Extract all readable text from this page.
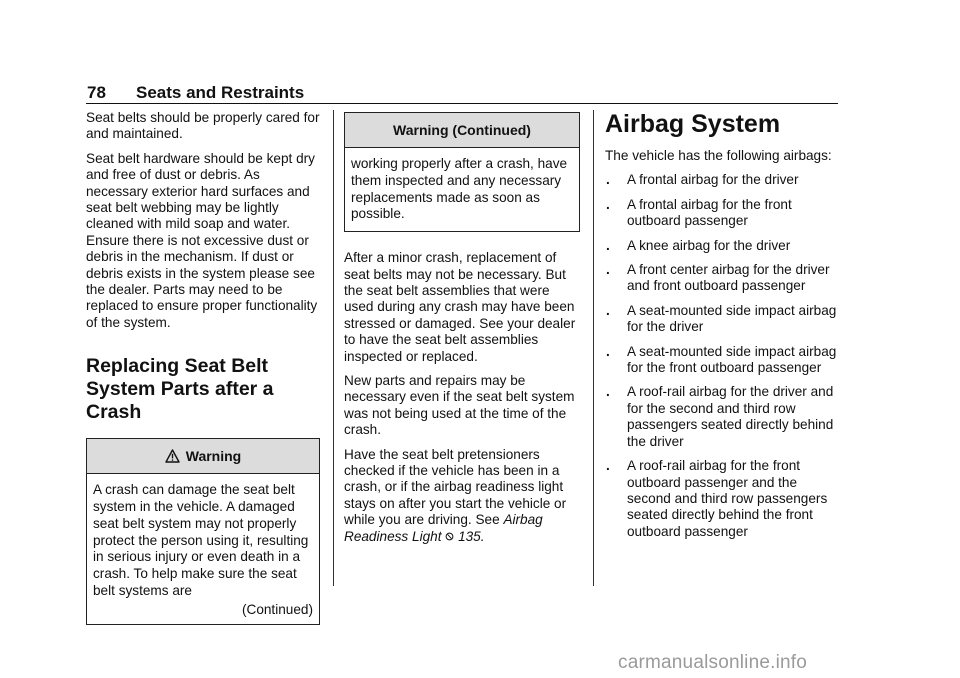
78 Seats and Restraints

Seat belts should be properly cared for and maintained.

Seat belt hardware should be kept dry and free of dust or debris. As necessary exterior hard surfaces and seat belt webbing may be lightly cleaned with mild soap and water. Ensure there is not excessive dust or debris in the mechanism. If dust or debris exists in the system please see the dealer. Parts may need to be replaced to ensure proper functionality of the system.

Replacing Seat Belt
System Parts after a
Crash
Warning

A crash can damage the seat belt system in the vehicle. A damaged seat belt system may not properly protect the person using it, resulting in serious injury or even death in a crash. To help make sure the seat belt systems are

(Continued)
Warning (Continued)

working properly after a crash, have them inspected and any necessary replacements made as soon as possible.

After a minor crash, replacement of seat belts may not be necessary. But the seat belt assemblies that were used during any crash may have been stressed or damaged. See your dealer to have the seat belt assemblies inspected or replaced.

New parts and repairs may be necessary even if the seat belt system was not being used at the time of the crash.

Have the seat belt pretensioners checked if the vehicle has been in a crash, or if the airbag readiness light stays on after you start the vehicle or while you are driving. See Airbag Readiness Light 135.

Airbag System

The vehicle has the following airbags:

. A frontal airbag for the driver
. A frontal airbag for the front outboard passenger
. A knee airbag for the driver
. A front center airbag for the driver and front outboard passenger
. A seat-mounted side impact airbag for the driver
. A seat-mounted side impact airbag for the front outboard passenger
. A roof-rail airbag for the driver and for the second and third row passengers seated directly behind the driver
. A roof-rail airbag for the front outboard passenger and the second and third row passengers seated directly behind the front outboard passenger
carmanualsonline.info
